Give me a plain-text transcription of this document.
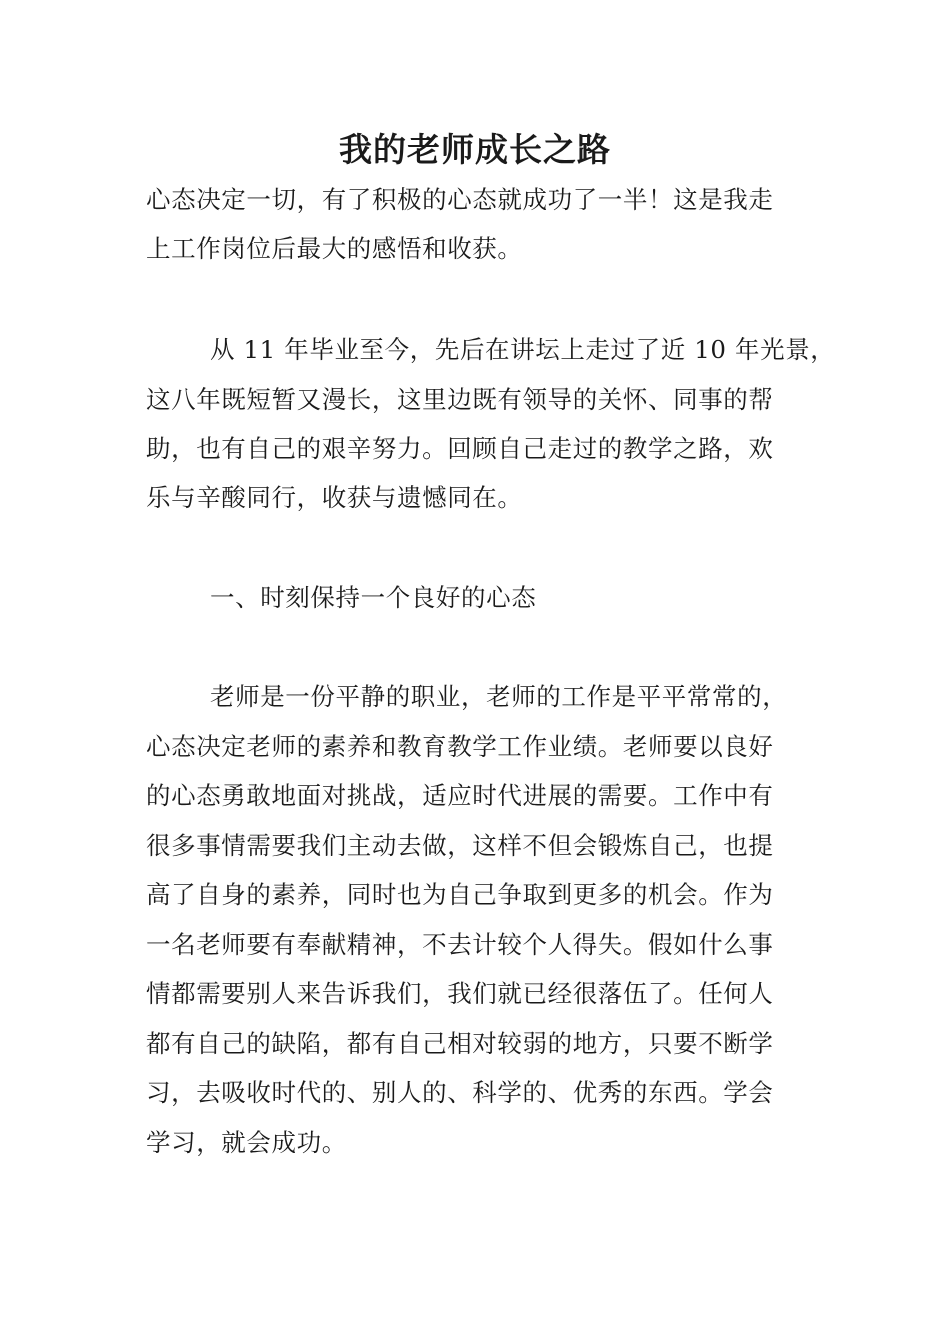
我的老师成长之路

心态决定一切，有了积极的心态就成功了一半！这是我走

上工作岗位后最大的感悟和收获。

从 11 年毕业至今，先后在讲坛上走过了近 10 年光景，

这八年既短暂又漫长，这里边既有领导的关怀、同事的帮

助，也有自己的艰辛努力。回顾自己走过的教学之路，欢

乐与辛酸同行，收获与遗憾同在。

一、时刻保持一个良好的心态

老师是一份平静的职业，老师的工作是平平常常的，

心态决定老师的素养和教育教学工作业绩。老师要以良好

的心态勇敢地面对挑战，适应时代进展的需要。工作中有

很多事情需要我们主动去做，这样不但会锻炼自己，也提

高了自身的素养，同时也为自己争取到更多的机会。作为

一名老师要有奉献精神，不去计较个人得失。假如什么事

情都需要别人来告诉我们，我们就已经很落伍了。任何人

都有自己的缺陷，都有自己相对较弱的地方，只要不断学

习，去吸收时代的、别人的、科学的、优秀的东西。学会

学习，就会成功。
